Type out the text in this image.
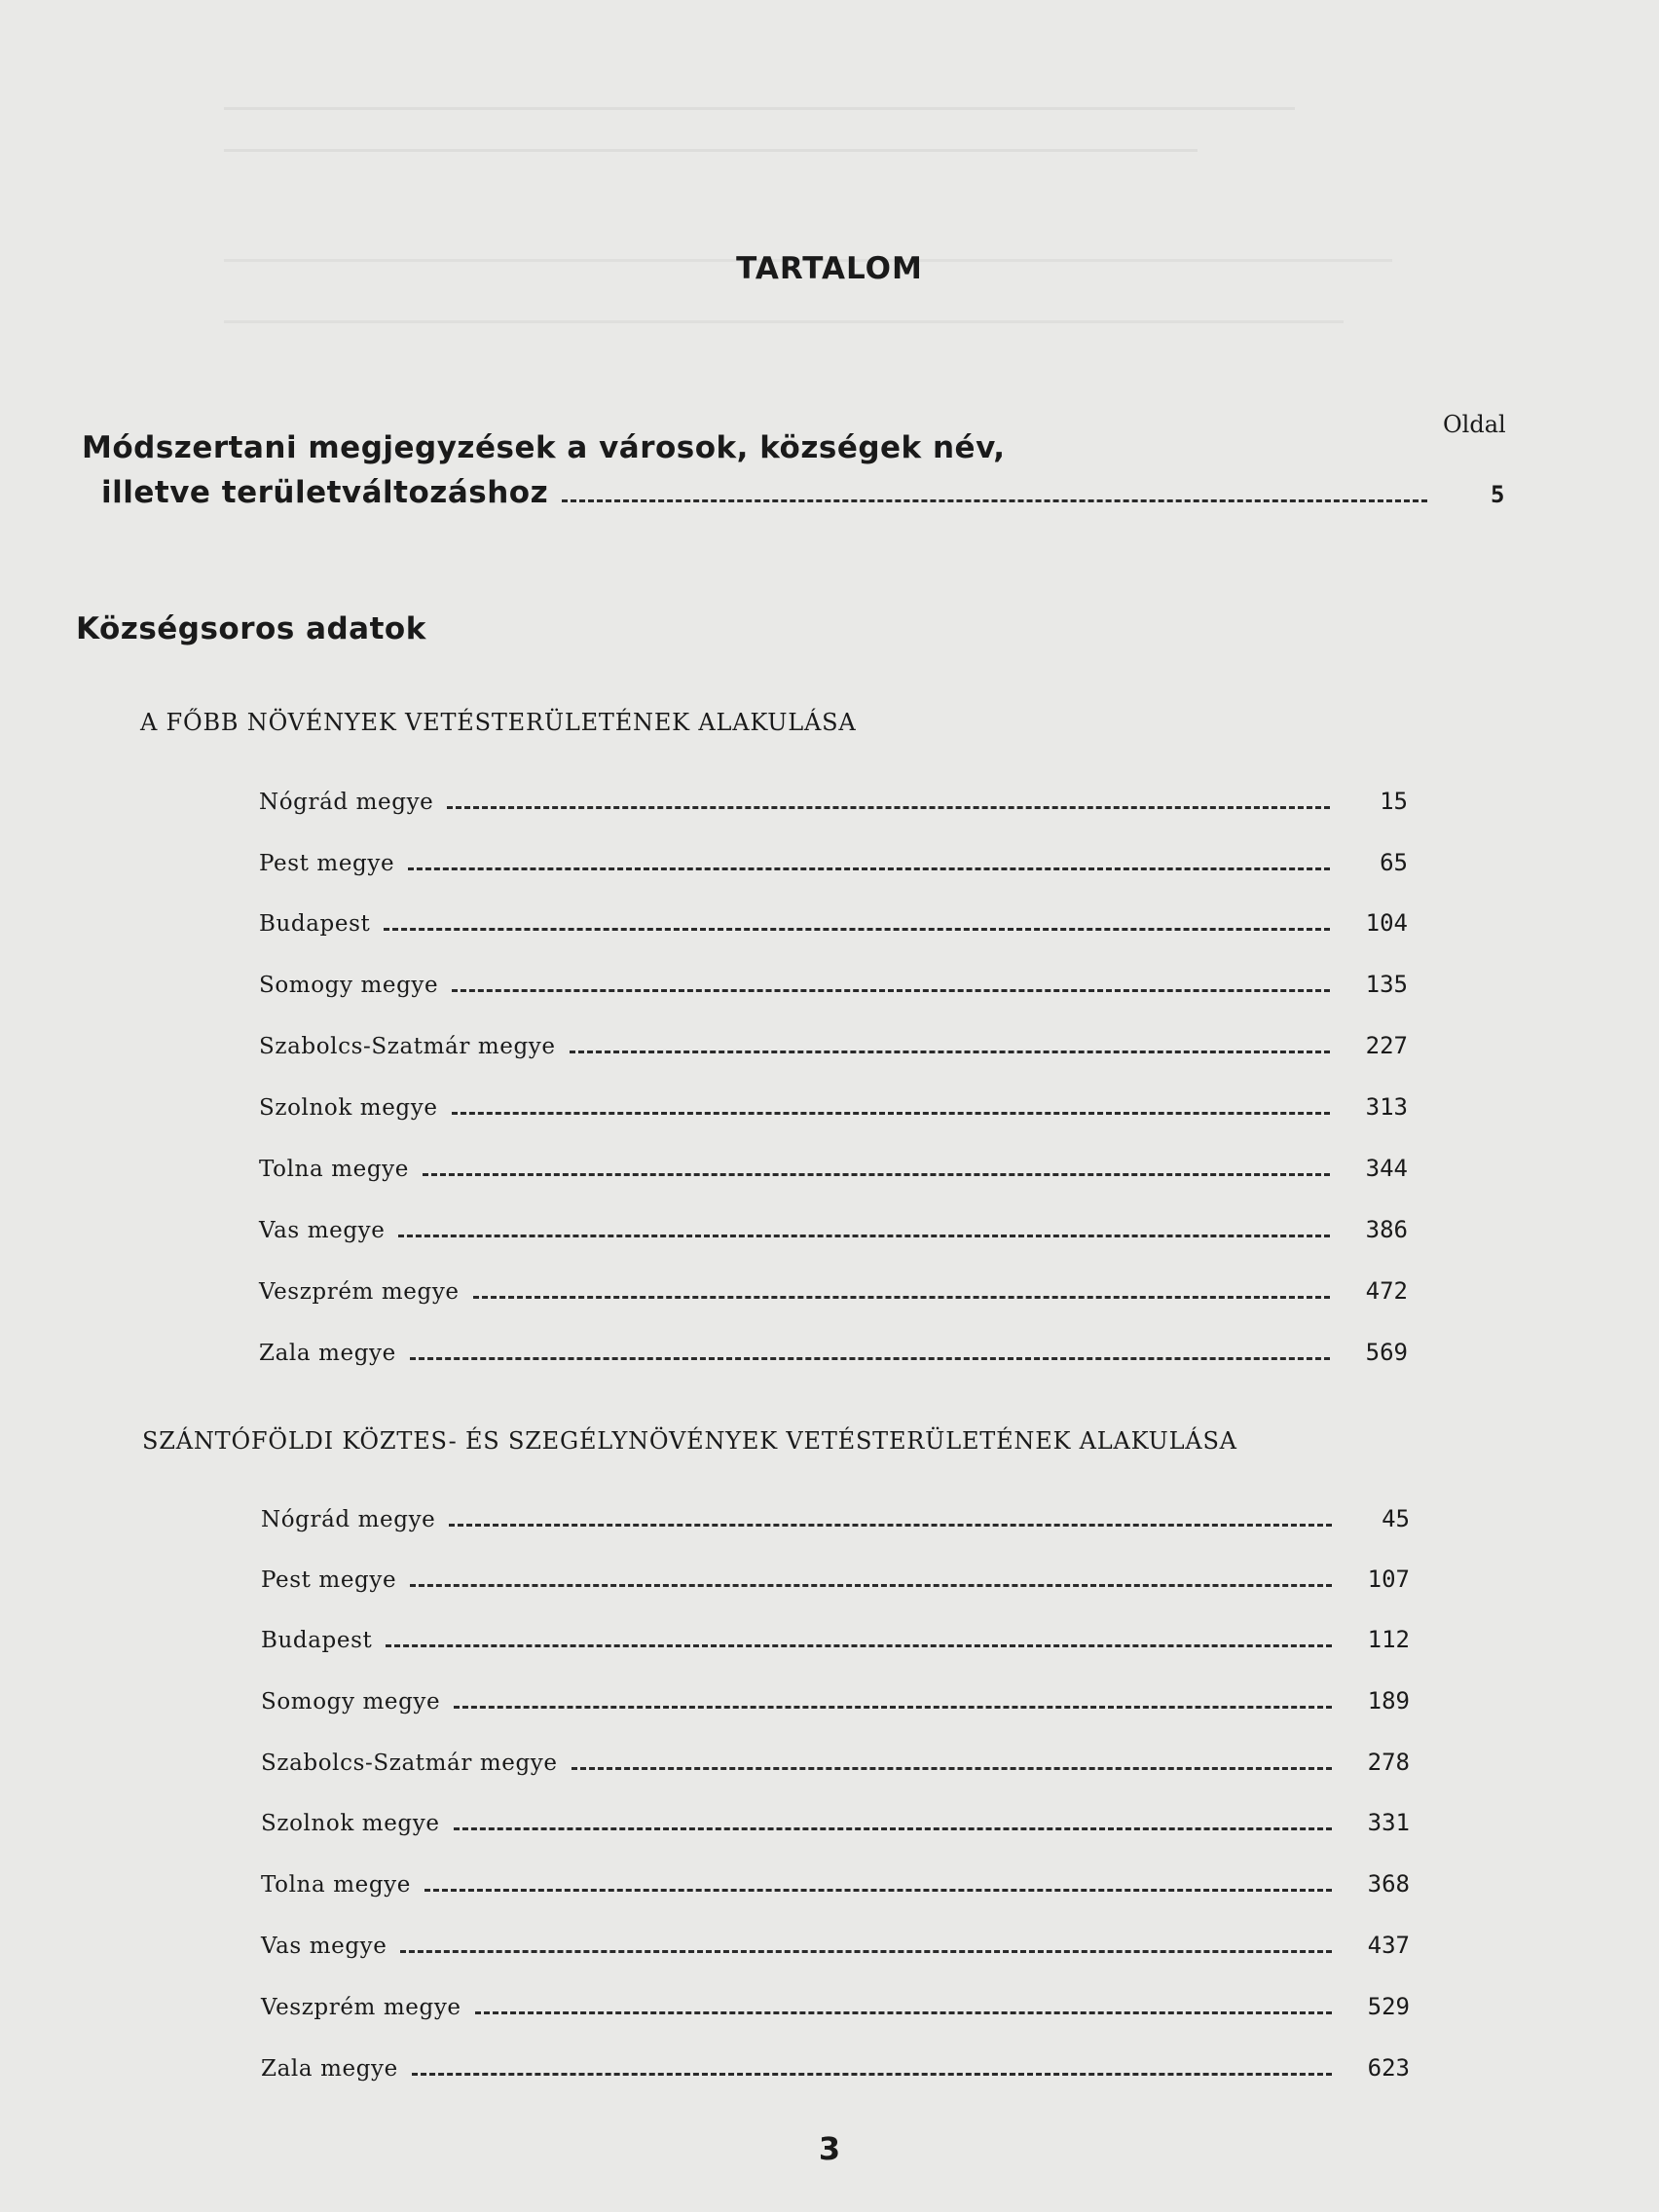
TARTALOM
Oldal
Módszertani megjegyzések a városok, községek név,
illetve területváltozáshoz	5
Községsoros adatok
A FŐBB NÖVÉNYEK VETÉSTERÜLETÉNEK ALAKULÁSA
Nógrád megye	15
Pest megye	65
Budapest	104
Somogy megye	135
Szabolcs-Szatmár megye	227
Szolnok megye	313
Tolna megye	344
Vas megye	386
Veszprém megye	472
Zala megye	569
SZÁNTÓFÖLDI KÖZTES- ÉS SZEGÉLYNÖVÉNYEK VETÉSTERÜLETÉNEK ALAKULÁSA
Nógrád megye	45
Pest megye	107
Budapest	112
Somogy megye	189
Szabolcs-Szatmár megye	278
Szolnok megye	331
Tolna megye	368
Vas megye	437
Veszprém megye	529
Zala megye	623
3
